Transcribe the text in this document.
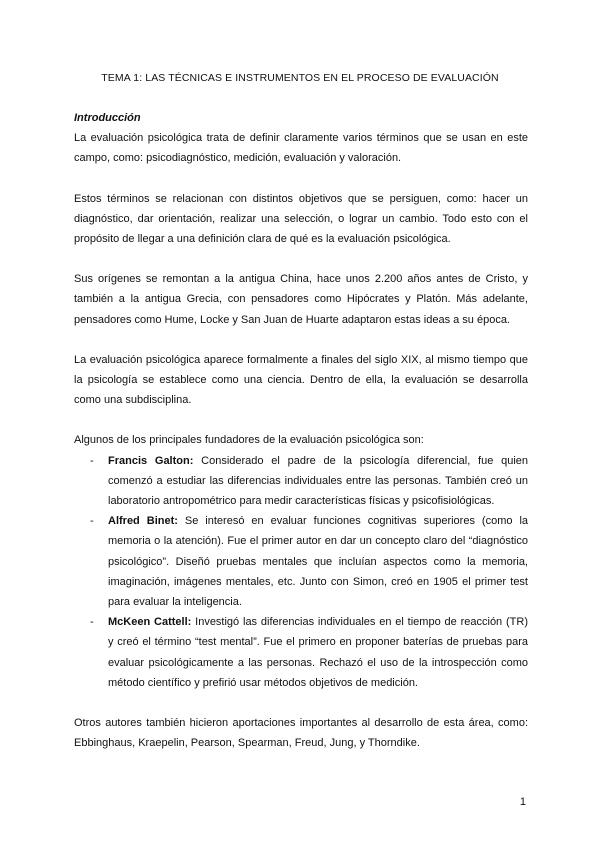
TEMA 1: LAS TÉCNICAS E INSTRUMENTOS EN EL PROCESO DE EVALUACIÓN

Introducción

La evaluación psicológica trata de definir claramente varios términos que se usan en este campo, como: psicodiagnóstico, medición, evaluación y valoración.

Estos términos se relacionan con distintos objetivos que se persiguen, como: hacer un diagnóstico, dar orientación, realizar una selección, o lograr un cambio. Todo esto con el propósito de llegar a una definición clara de qué es la evaluación psicológica.

Sus orígenes se remontan a la antigua China, hace unos 2.200 años antes de Cristo, y también a la antigua Grecia, con pensadores como Hipócrates y Platón. Más adelante, pensadores como Hume, Locke y San Juan de Huarte adaptaron estas ideas a su época.

La evaluación psicológica aparece formalmente a finales del siglo XIX, al mismo tiempo que la psicología se establece como una ciencia. Dentro de ella, la evaluación se desarrolla como una subdisciplina.

Algunos de los principales fundadores de la evaluación psicológica son:

- Francis Galton: Considerado el padre de la psicología diferencial, fue quien comenzó a estudiar las diferencias individuales entre las personas. También creó un laboratorio antropométrico para medir características físicas y psicofisiológicas.
- Alfred Binet: Se interesó en evaluar funciones cognitivas superiores (como la memoria o la atención). Fue el primer autor en dar un concepto claro del “diagnóstico psicológico”. Diseñó pruebas mentales que incluían aspectos como la memoria, imaginación, imágenes mentales, etc. Junto con Simon, creó en 1905 el primer test para evaluar la inteligencia.
- McKeen Cattell: Investigó las diferencias individuales en el tiempo de reacción (TR) y creó el término “test mental”. Fue el primero en proponer baterías de pruebas para evaluar psicológicamente a las personas. Rechazó el uso de la introspección como método científico y prefirió usar métodos objetivos de medición.

Otros autores también hicieron aportaciones importantes al desarrollo de esta área, como: Ebbinghaus, Kraepelin, Pearson, Spearman, Freud, Jung, y Thorndike.

1
